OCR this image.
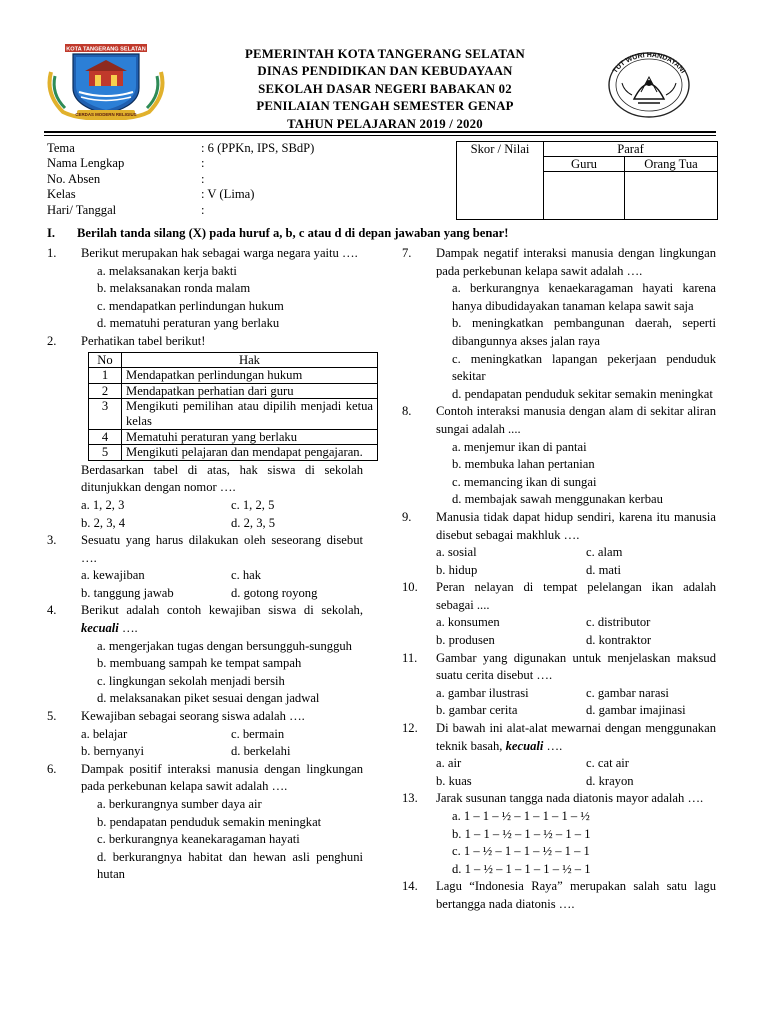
KOTA TANGERANG SELATAN
CERDAS MODERN RELIGIUS
PEMERINTAH KOTA TANGERANG SELATAN
DINAS PENDIDIKAN DAN KEBUDAYAAN
SEKOLAH DASAR NEGERI BABAKAN 02
PENILAIAN TENGAH SEMESTER GENAP
TAHUN PELAJARAN 2019 / 2020
TUT WURI HANDAYANI
Tema	: 6 (PPKn, IPS, SBdP)
Nama Lengkap	:
No. Absen	:
Kelas	: V (Lima)
Hari/ Tanggal	:
Skor / Nilai	Paraf	
	Guru	Orang Tua

I. Berilah tanda silang (X) pada huruf a, b, c atau d di depan jawaban yang benar!
1. Berikut merupakan hak sebagai warga negara yaitu ….
a. melaksanakan kerja bakti
b. melaksanakan ronda malam
c. mendapatkan perlindungan hukum
d. mematuhi peraturan yang berlaku
2. Perhatikan tabel berikut!
No	Hak
1	Mendapatkan perlindungan hukum
2	Mendapatkan perhatian dari guru
3	Mengikuti pemilihan atau dipilih menjadi ketua kelas
4	Mematuhi peraturan yang berlaku
5	Mengikuti pelajaran dan mendapat pengajaran.
Berdasarkan tabel di atas, hak siswa di sekolah ditunjukkan dengan nomor ….
a. 1, 2, 3	c. 1, 2, 5
b. 2, 3, 4	d. 2, 3, 5
3. Sesuatu yang harus dilakukan oleh seseorang disebut ….
a. kewajiban	c. hak
b. tanggung jawab	d. gotong royong
4. Berikut adalah contoh kewajiban siswa di sekolah, kecuali ….
a. mengerjakan tugas dengan bersungguh-sungguh
b. membuang sampah ke tempat sampah
c. lingkungan sekolah menjadi bersih
d. melaksanakan piket sesuai dengan jadwal
5. Kewajiban sebagai seorang siswa adalah ….
a. belajar	c. bermain
b. bernyanyi	d. berkelahi
6. Dampak positif interaksi manusia dengan lingkungan pada perkebunan kelapa sawit adalah ….
a. berkurangnya sumber daya air
b. pendapatan penduduk semakin meningkat
c. berkurangnya keanekaragaman hayati
d. berkurangnya habitat dan hewan asli penghuni hutan
7. Dampak negatif interaksi manusia dengan lingkungan pada perkebunan kelapa sawit adalah ….
a. berkurangnya kenaekaragaman hayati karena hanya dibudidayakan tanaman kelapa sawit saja
b. meningkatkan pembangunan daerah, seperti dibangunnya akses jalan raya
c. meningkatkan lapangan pekerjaan penduduk sekitar
d. pendapatan penduduk sekitar semakin meningkat
8. Contoh interaksi manusia dengan alam di sekitar aliran sungai adalah ....
a. menjemur ikan di pantai
b. membuka lahan pertanian
c. memancing ikan di sungai
d. membajak sawah menggunakan kerbau
9. Manusia tidak dapat hidup sendiri, karena itu manusia disebut sebagai makhluk ….
a. sosial	c. alam
b. hidup	d. mati
10. Peran nelayan di tempat pelelangan ikan adalah sebagai ....
a. konsumen	c. distributor
b. produsen	d. kontraktor
11. Gambar yang digunakan untuk menjelaskan maksud suatu cerita disebut ….
a. gambar ilustrasi	c. gambar narasi
b. gambar cerita	d. gambar imajinasi
12. Di bawah ini alat-alat mewarnai dengan menggunakan teknik basah, kecuali ….
a. air	c. cat air
b. kuas	d. krayon
13. Jarak susunan tangga nada diatonis mayor adalah ….
a. 1 – 1 – ½ – 1 – 1 – 1 – ½
b. 1 – 1 – ½ – 1 – ½ – 1 – 1
c. 1 – ½ – 1 – 1 – ½ – 1 – 1
d. 1 – ½ – 1 – 1 – 1 – ½ – 1
14. Lagu “Indonesia Raya” merupakan salah satu lagu bertangga nada diatonis ….
